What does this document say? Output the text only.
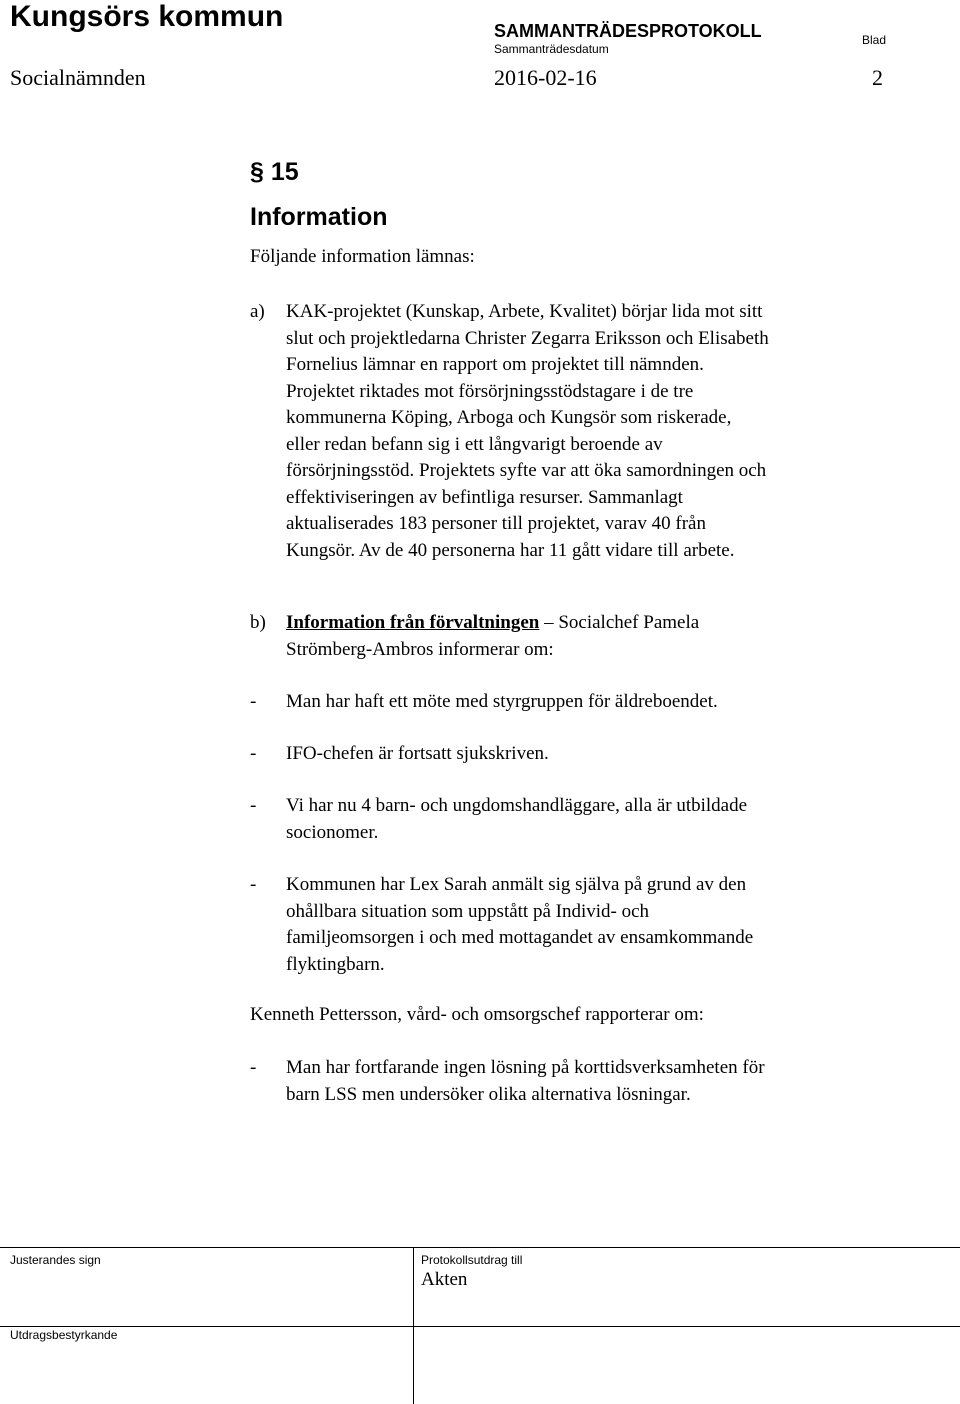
Kungsörs kommun	SAMMANTRÄDESPROTOKOLL
Sammanträdesdatum
Blad
Socialnämnden	2016-02-16	2
§ 15
Information
Följande information lämnas:
a) KAK-projektet (Kunskap, Arbete, Kvalitet) börjar lida mot sitt
slut och projektledarna Christer Zegarra Eriksson och Elisabeth
Fornelius lämnar en rapport om projektet till nämnden.
Projektet riktades mot försörjningsstödstagare i de tre
kommunerna Köping, Arboga och Kungsör som riskerade,
eller redan befann sig i ett långvarigt beroende av
försörjningsstöd. Projektets syfte var att öka samordningen och
effektiviseringen av befintliga resurser. Sammanlagt
aktualiserades 183 personer till projektet, varav 40 från
Kungsör. Av de 40 personerna har 11 gått vidare till arbete.
b) Information från förvaltningen – Socialchef Pamela
Strömberg-Ambros informerar om:
- Man har haft ett möte med styrgruppen för äldreboendet.
- IFO-chefen är fortsatt sjukskriven.
- Vi har nu 4 barn- och ungdomshandläggare, alla är utbildade
socionomer.
- Kommunen har Lex Sarah anmält sig själva på grund av den
ohållbara situation som uppstått på Individ- och
familjeomsorgen i och med mottagandet av ensamkommande
flyktingbarn.
Kenneth Pettersson, vård- och omsorgschef rapporterar om:
- Man har fortfarande ingen lösning på korttidsverksamheten för
barn LSS men undersöker olika alternativa lösningar.
Justerandes sign	Protokollsutdrag till
Akten
Utdragsbestyrkande
